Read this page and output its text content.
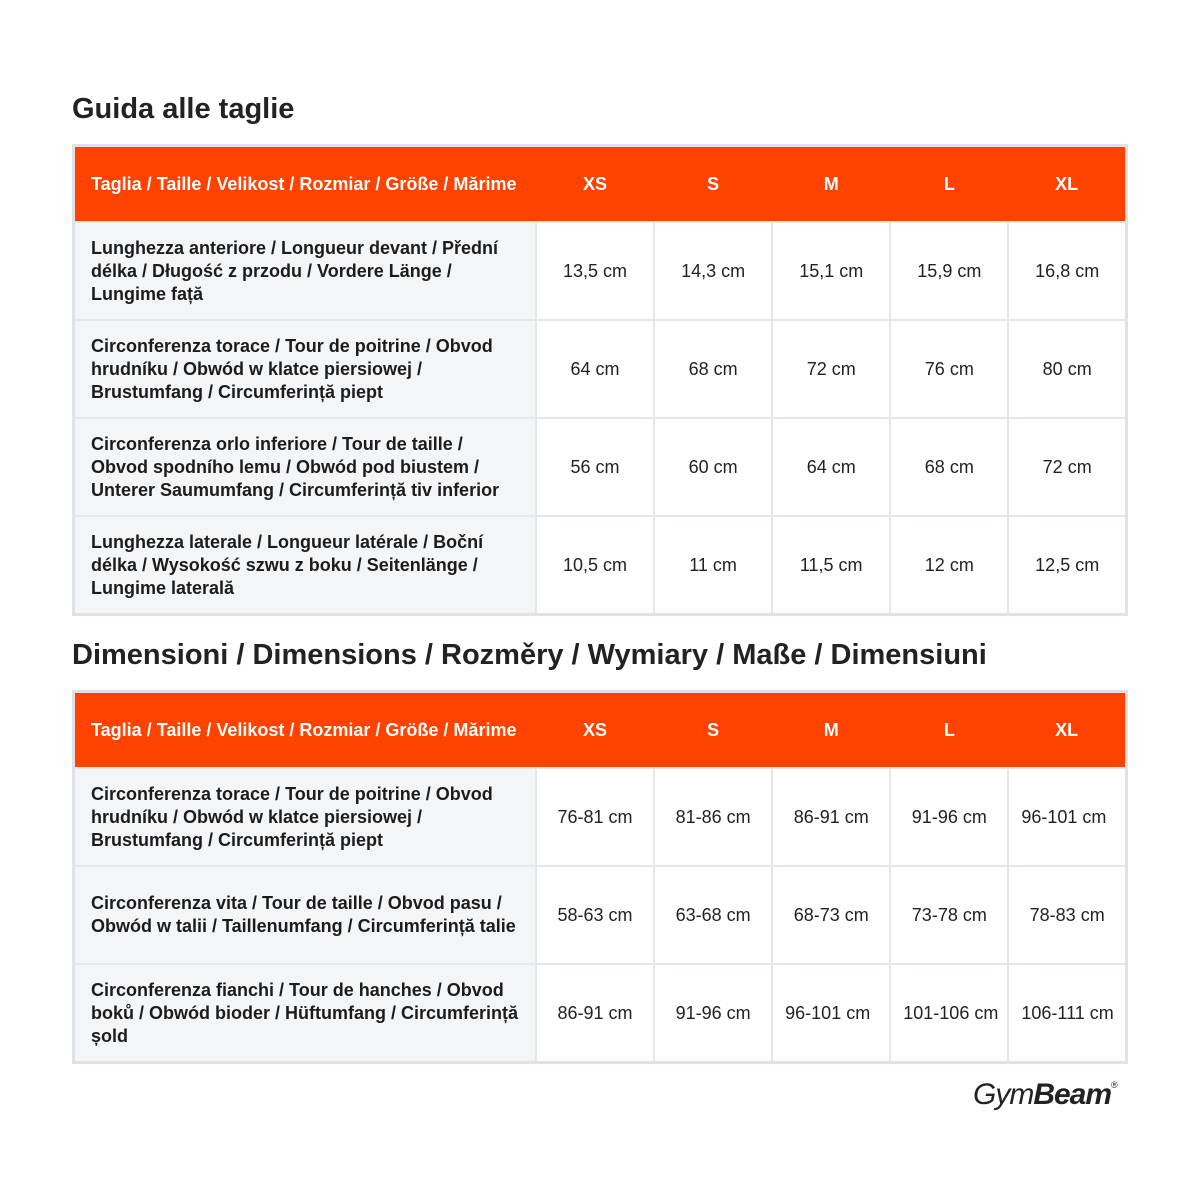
Guida alle taglie
Taglia / Taille / Velikost / Rozmiar / Größe / Mărime	XS	S	M	L	XL
Lunghezza anteriore / Longueur devant / Přední délka / Długość z przodu / Vordere Länge / Lungime față	13,5 cm	14,3 cm	15,1 cm	15,9 cm	16,8 cm
Circonferenza torace / Tour de poitrine / Obvod hrudníku / Obwód w klatce piersiowej / Brustumfang / Circumferință piept	64 cm	68 cm	72 cm	76 cm	80 cm
Circonferenza orlo inferiore / Tour de taille / Obvod spodního lemu / Obwód pod biustem / Unterer Saumumfang / Circumferință tiv inferior	56 cm	60 cm	64 cm	68 cm	72 cm
Lunghezza laterale / Longueur latérale / Boční délka / Wysokość szwu z boku / Seitenlänge / Lungime laterală	10,5 cm	11 cm	11,5 cm	12 cm	12,5 cm
Dimensioni / Dimensions / Rozměry / Wymiary / Maße / Dimensiuni
Taglia / Taille / Velikost / Rozmiar / Größe / Mărime	XS	S	M	L	XL
Circonferenza torace / Tour de poitrine / Obvod hrudníku / Obwód w klatce piersiowej / Brustumfang / Circumferință piept	76-81 cm	81-86 cm	86-91 cm	91-96 cm	96-101 cm
Circonferenza vita / Tour de taille / Obvod pasu / Obwód w talii / Taillenumfang / Circumferință talie	58-63 cm	63-68 cm	68-73 cm	73-78 cm	78-83 cm
Circonferenza fianchi / Tour de hanches / Obvod boků / Obwód bioder / Hüftumfang / Circumferință șold	86-91 cm	91-96 cm	96-101 cm	101-106 cm	106-111 cm
GymBeam®
